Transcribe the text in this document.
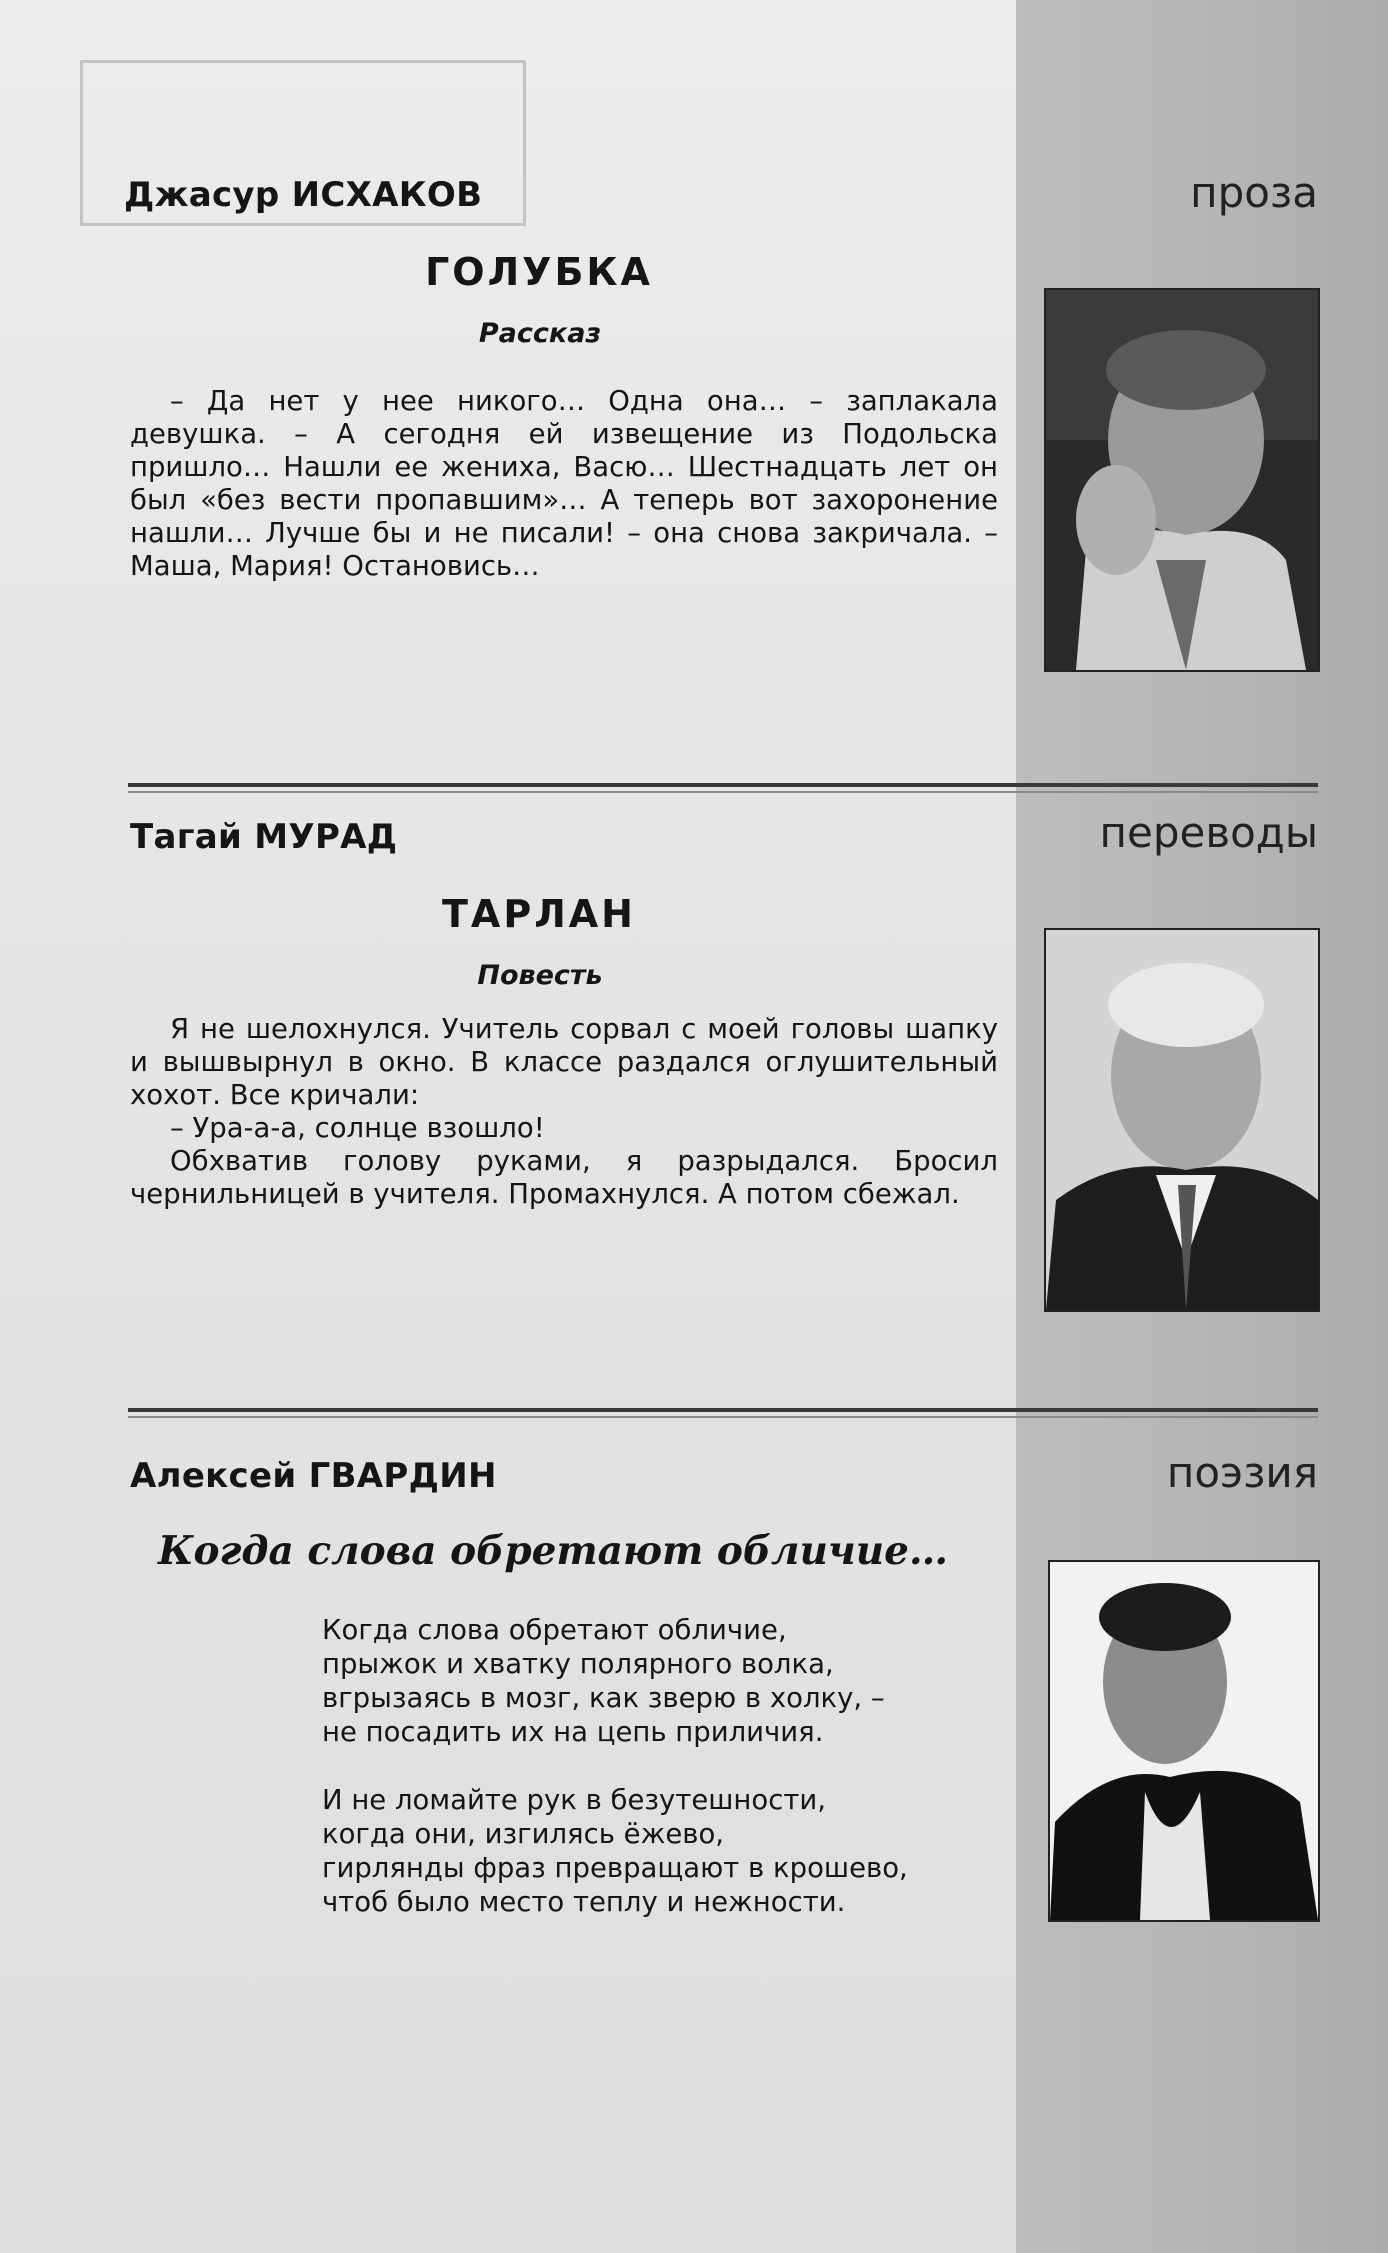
Джасур ИСХАКОВ	проза
ГОЛУБКА
Рассказ

– Да нет у нее никого… Одна она… – заплакала девушка. – А сегодня ей извещение из Подольска пришло… Нашли ее жениха, Васю… Шестнадцать лет он был «без вести пропавшим»… А теперь вот захоронение нашли… Лучше бы и не писали! – она снова закричала. – Маша, Мария! Остановись…

Тагай МУРАД	переводы
ТАРЛАН
Повесть

Я не шелохнулся. Учитель сорвал с моей головы шапку и вышвырнул в окно. В классе раздался оглушительный хохот. Все кричали:

– Ура-а-а, солнце взошло!

Обхватив голову руками, я разрыдался. Бросил чернильницей в учителя. Промахнулся. А потом сбежал.

Алексей ГВАРДИН	поэзия
Когда слова обретают обличие…
Когда слова обретают обличие,
прыжок и хватку полярного волка,
вгрызаясь в мозг, как зверю в холку, –
не посадить их на цепь приличия.
И не ломайте рук в безутешности,
когда они, изгилясь ёжево,
гирлянды фраз превращают в крошево,
чтоб было место теплу и нежности.
